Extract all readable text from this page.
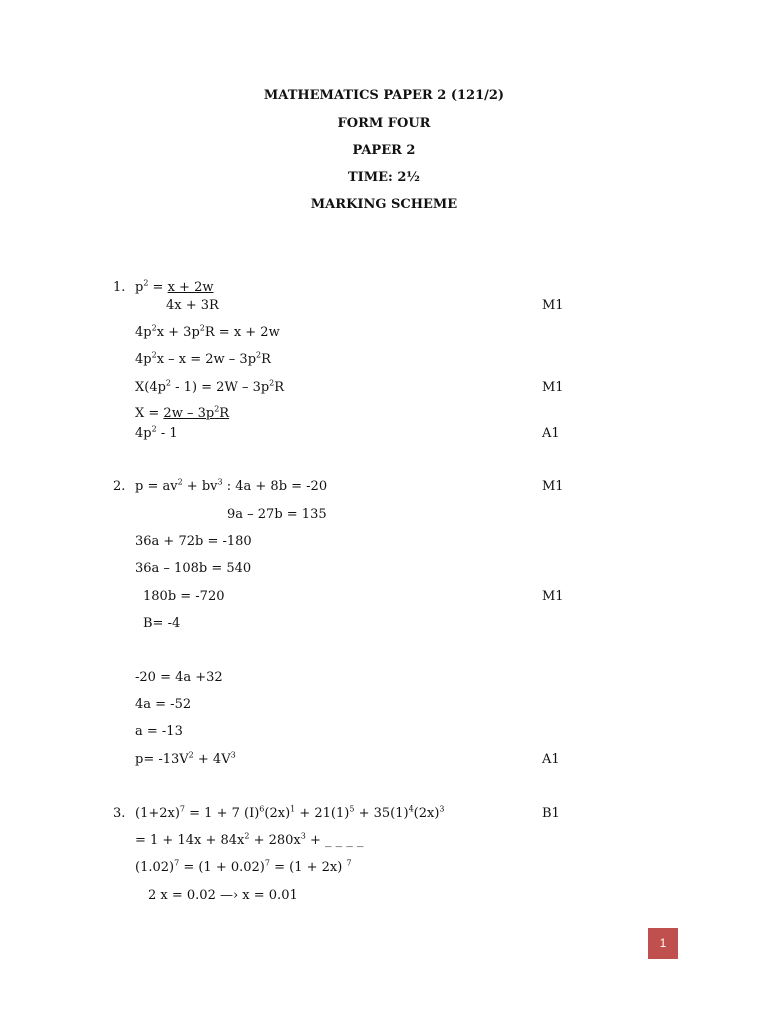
MATHEMATICS PAPER 2 (121/2)
FORM FOUR
PAPER 2
TIME: 2½
MARKING SCHEME
1. $p^2 = x + 2w$
4x + 3R	M1
$4p^2x + 3p^2R = x + 2w$
$4p^2x - x = 2w - 3p^2R$
$X(4p^2 - 1) = 2W - 3p^2R$	M1
$X = 2w - 3p^2R$
$4p^2 - 1$	A1
2. $p = av^2 + bv^3$ : 4a + 8b = -20	M1
9a – 27b = 135
36a + 72b = -180
36a – 108b = 540
180b = -720	M1
B= -4
-20 = 4a +32
4a = -52
a = -13
$p= -13V^2 + 4V^3$	A1
3. $(1+2x)^7 = 1 + 7$ $(I)^6(2x)^1 + 21(1)^5 + 35(1)^4(2x)^3$	B1
= $1 + 14x + 84x^2 + 280x^3$ + _ _ _ _
$(1.02)^7 = (1 + 0.02)^7 = (1 + 2x)$ $^7$
2 x = 0.02 —› x = 0.01
1
